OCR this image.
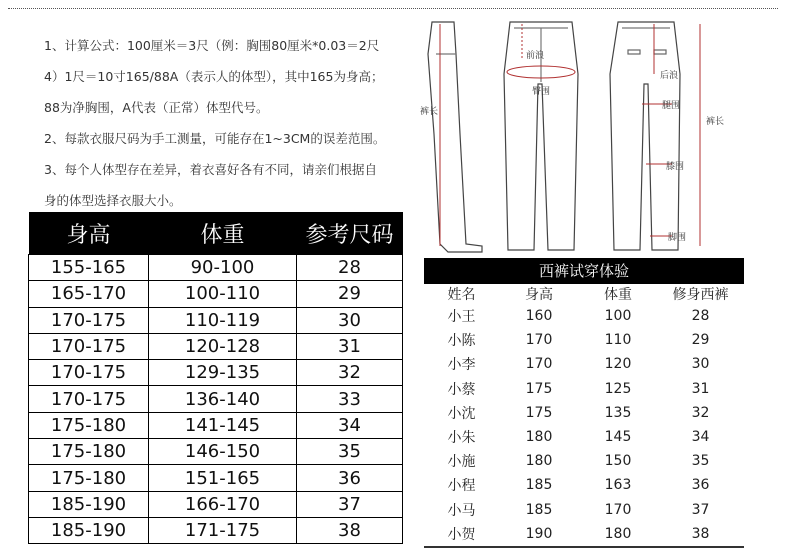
1、计算公式：100厘米＝3尺（例：胸围80厘米*0.03＝2尺
4）1尺＝10寸165/88A（表示人的体型），其中165为身高；
88为净胸围，A代表（正常）体型代号。
2、每款衣服尺码为手工测量，可能存在1~3CM的误差范围。
3、每个人体型存在差异，着衣喜好各有不同，请亲们根据自
身的体型选择衣服大小。
身高	体重	参考尺码
155-165	90-100	28
165-170	100-110	29
170-175	110-119	30
170-175	120-128	31
170-175	129-135	32
170-175	136-140	33
175-180	141-145	34
175-180	146-150	35
175-180	151-165	36
185-190	166-170	37
185-190	171-175	38
裤长
前浪
臀围
后浪
腿围
膝围
脚围
裤长
西裤试穿体验
姓名	身高	体重	修身西裤
小王	160	100	28
小陈	170	110	29
小李	170	120	30
小蔡	175	125	31
小沈	175	135	32
小朱	180	145	34
小施	180	150	35
小程	185	163	36
小马	185	170	37
小贺	190	180	38
